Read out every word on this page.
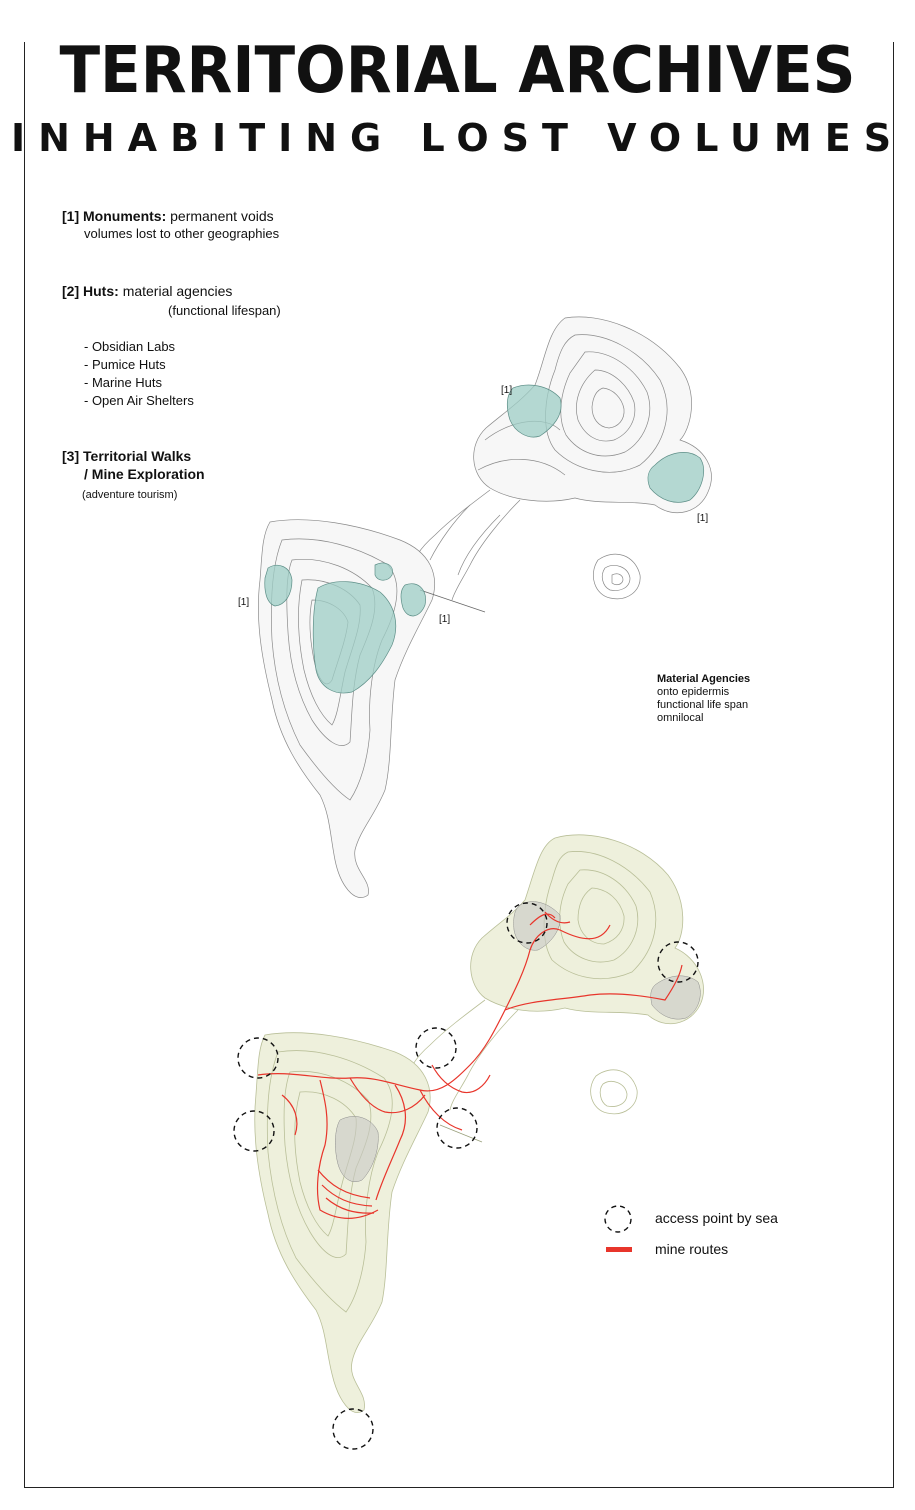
TERRITORIAL ARCHIVES
INHABITING LOST VOLUMES
[1] Monuments: permanent voids
volumes lost to other geographies
[2] Huts: material agencies
(functional lifespan)
- Obsidian Labs
- Pumice Huts
- Marine Huts
- Open Air Shelters
[3] Territorial Walks
/ Mine Exploration
(adventure tourism)
[1]
[1]
[1]
[1]
Material Agencies
onto epidermis
functional life span
omnilocal
access point by sea
mine routes
